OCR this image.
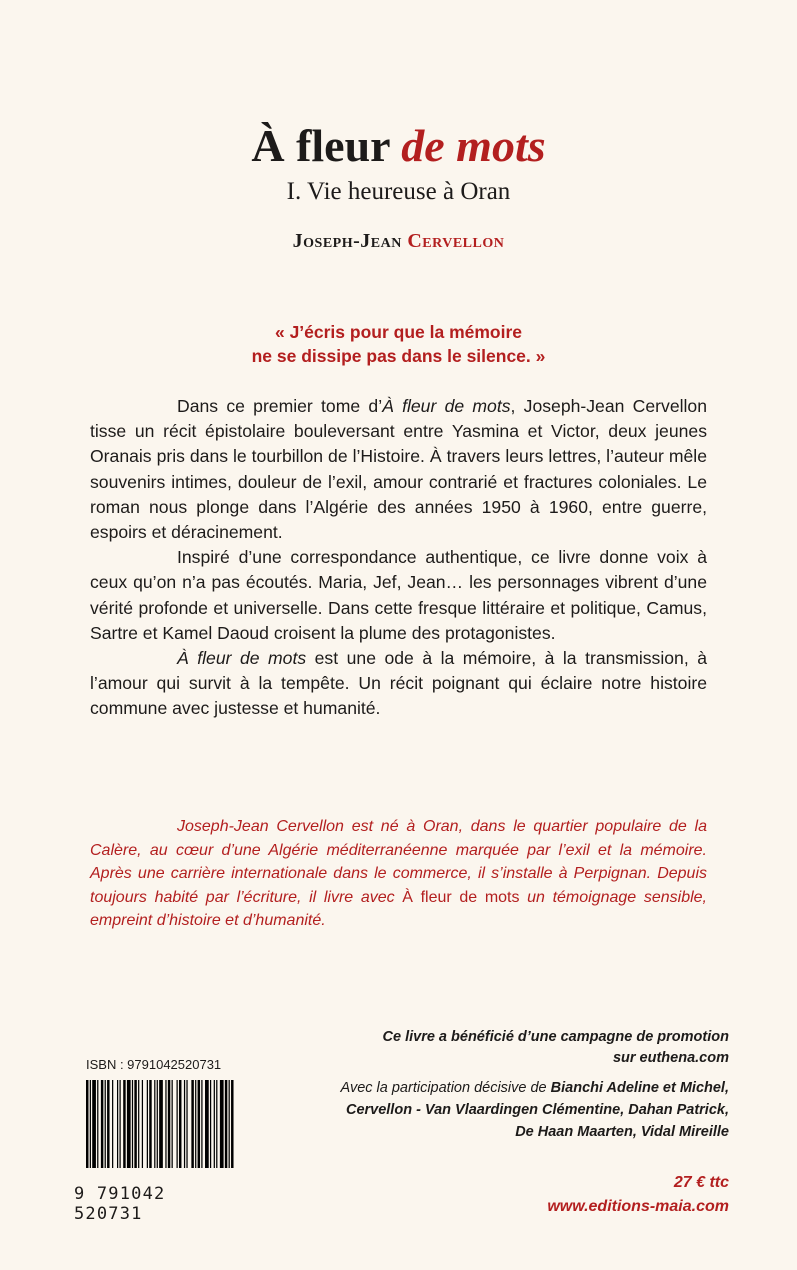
À fleur de mots
I. Vie heureuse à Oran
Joseph-Jean Cervellon
« J’écris pour que la mémoire
ne se dissipe pas dans le silence. »

Dans ce premier tome d’À fleur de mots, Joseph-Jean Cervellon tisse un récit épistolaire bouleversant entre Yasmina et Victor, deux jeunes Oranais pris dans le tourbillon de l’Histoire. À travers leurs lettres, l’auteur mêle souvenirs intimes, douleur de l’exil, amour contrarié et fractures coloniales. Le roman nous plonge dans l’Algérie des années 1950 à 1960, entre guerre, espoirs et déracinement.

Inspiré d’une correspondance authentique, ce livre donne voix à ceux qu’on n’a pas écoutés. Maria, Jef, Jean… les personnages vibrent d’une vérité profonde et universelle. Dans cette fresque littéraire et politique, Camus, Sartre et Kamel Daoud croisent la plume des protagonistes.

À fleur de mots est une ode à la mémoire, à la transmission, à l’amour qui survit à la tempête. Un récit poignant qui éclaire notre histoire commune avec justesse et humanité.

Joseph-Jean Cervellon est né à Oran, dans le quartier populaire de la Calère, au cœur d’une Algérie méditerranéenne marquée par l’exil et la mémoire. Après une carrière internationale dans le commerce, il s’installe à Perpignan. Depuis toujours habité par l’écriture, il livre avec À fleur de mots un témoignage sensible, empreint d’histoire et d’humanité.
ISBN : 9791042520731
9 791042 520731
Ce livre a bénéficié d’une campagne de promotion
sur euthena.com
Avec la participation décisive de Bianchi Adeline et Michel,
Cervellon - Van Vlaardingen Clémentine, Dahan Patrick,
De Haan Maarten, Vidal Mireille
27 € ttc
www.editions-maia.com
